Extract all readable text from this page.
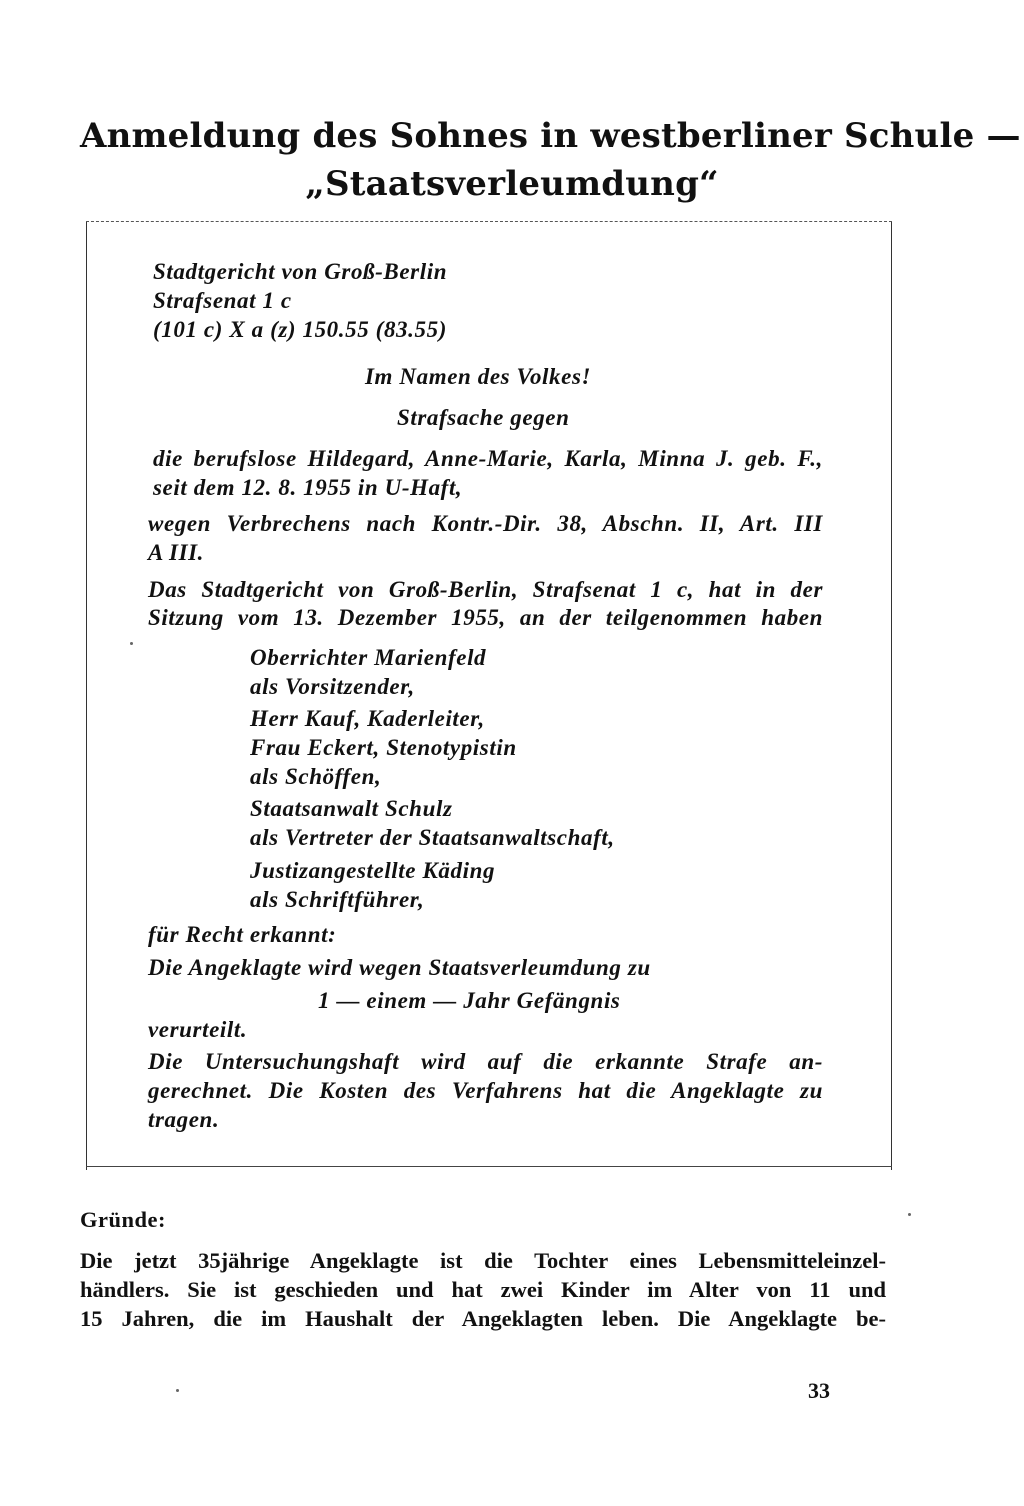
Anmeldung des Sohnes in westberliner Schule —
„Staatsverleumdung“
Stadtgericht von Groß-Berlin
Strafsenat 1 c
(101 c) X a (z) 150.55 (83.55)
Im Namen des Volkes!
Strafsache gegen
die berufslose Hildegard, Anne-Marie, Karla, Minna J. geb. F.,
seit dem 12. 8. 1955 in U-Haft,
wegen Verbrechens nach Kontr.-Dir. 38, Abschn. II, Art. III
A III.
Das Stadtgericht von Groß-Berlin, Strafsenat 1 c, hat in der
Sitzung vom 13. Dezember 1955, an der teilgenommen haben
Oberrichter Marienfeld
als Vorsitzender,
Herr Kauf, Kaderleiter,
Frau Eckert, Stenotypistin
als Schöffen,
Staatsanwalt Schulz
als Vertreter der Staatsanwaltschaft,
Justizangestellte Käding
als Schriftführer,
für Recht erkannt:
Die Angeklagte wird wegen Staatsverleumdung zu
1 — einem — Jahr Gefängnis
verurteilt.
Die Untersuchungshaft wird auf die erkannte Strafe an-
gerechnet. Die Kosten des Verfahrens hat die Angeklagte zu
tragen.
Gründe:
Die jetzt 35jährige Angeklagte ist die Tochter eines Lebensmitteleinzel-
händlers. Sie ist geschieden und hat zwei Kinder im Alter von 11 und
15 Jahren, die im Haushalt der Angeklagten leben. Die Angeklagte be-
33
